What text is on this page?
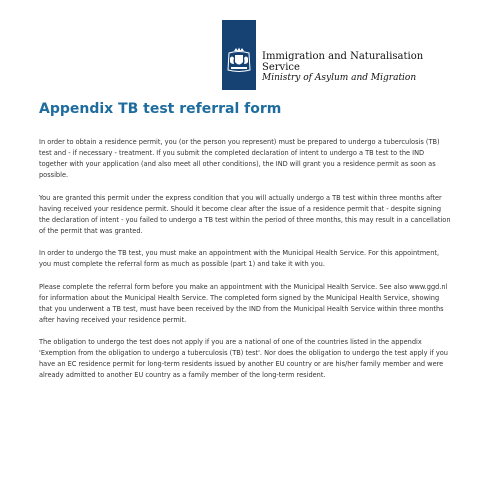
Immigration and Naturalisation
Service
Ministry of Asylum and Migration
Appendix TB test referral form

In order to obtain a residence permit, you (or the person you represent) must be prepared to undergo a tuberculosis (TB) test and - if necessary - treatment. If you submit the completed declaration of intent to undergo a TB test to the IND together with your application (and also meet all other conditions), the IND will grant you a residence permit as soon as possible.

You are granted this permit under the express condition that you will actually undergo a TB test within three months after having received your residence permit. Should it become clear after the issue of a residence permit that - despite signing the declaration of intent - you failed to undergo a TB test within the period of three months, this may result in a cancellation of the permit that was granted.

In order to undergo the TB test, you must make an appointment with the Municipal Health Service. For this appointment, you must complete the referral form as much as possible (part 1) and take it with you.

Please complete the referral form before you make an appointment with the Municipal Health Service. See also www.ggd.nl for information about the Municipal Health Service. The completed form signed by the Municipal Health Service, showing that you underwent a TB test, must have been received by the IND from the Municipal Health Service within three months after having received your residence permit.

The obligation to undergo the test does not apply if you are a national of one of the countries listed in the appendix 'Exemption from the obligation to undergo a tuberculosis (TB) test'. Nor does the obligation to undergo the test apply if you have an EC residence permit for long-term residents issued by another EU country or are his/her family member and were already admitted to another EU country as a family member of the long-term resident.
